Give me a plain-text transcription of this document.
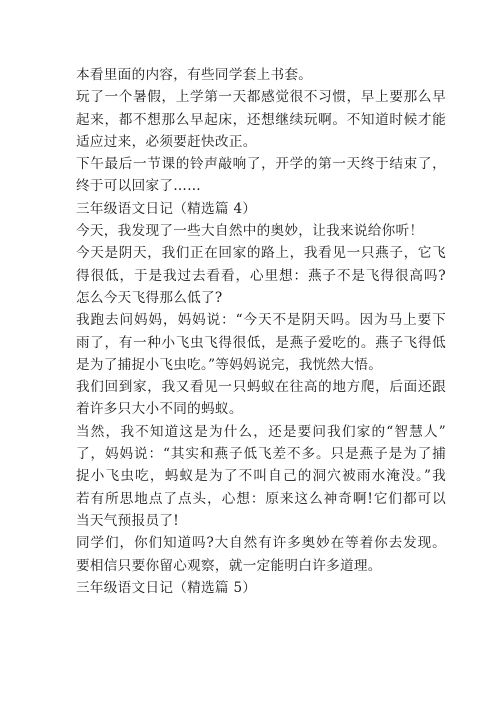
本看里面的内容，有些同学套上书套。
玩了一个暑假，上学第一天都感觉很不习惯，早上要那么早
起来，都不想那么早起床，还想继续玩啊。不知道时候才能
适应过来，必须要赶快改正。
下午最后一节课的铃声敲响了，开学的第一天终于结束了，
终于可以回家了……
三年级语文日记（精选篇 4）
今天，我发现了一些大自然中的奥妙，让我来说给你听！
今天是阴天，我们正在回家的路上，我看见一只燕子，它飞
得很低，于是我过去看看，心里想：燕子不是飞得很高吗?
怎么今天飞得那么低了?
我跑去问妈妈，妈妈说：“今天不是阴天吗。因为马上要下
雨了，有一种小飞虫飞得很低，是燕子爱吃的。燕子飞得低
是为了捕捉小飞虫吃。”等妈妈说完，我恍然大悟。
我们回到家，我又看见一只蚂蚁在往高的地方爬，后面还跟
着许多只大小不同的蚂蚁。
当然，我不知道这是为什么，还是要问我们家的“智慧人”
了，妈妈说：“其实和燕子低飞差不多。只是燕子是为了捕
捉小飞虫吃，蚂蚁是为了不叫自己的洞穴被雨水淹没。”我
若有所思地点了点头，心想：原来这么神奇啊!它们都可以
当天气预报员了!
同学们，你们知道吗?大自然有许多奥妙在等着你去发现。
要相信只要你留心观察，就一定能明白许多道理。
三年级语文日记（精选篇 5）
